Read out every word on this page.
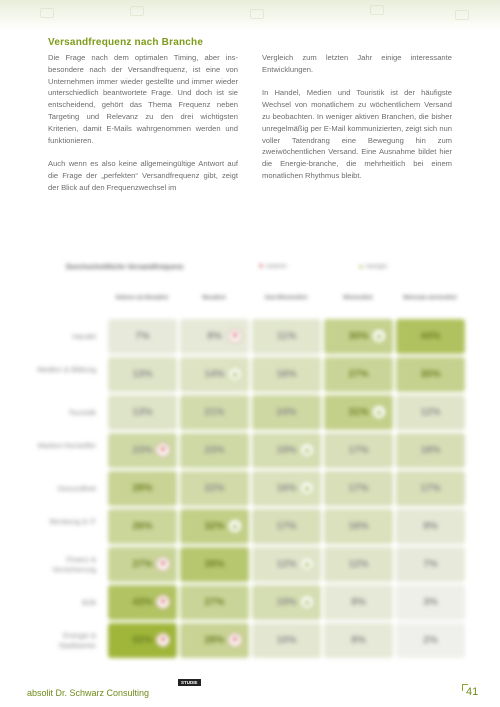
Versandfrequenz nach Branche

Die Frage nach dem optimalen Timing, aber ins-besondere nach der Versandfrequenz, ist eine von Unternehmen immer wieder gestellte und immer wieder unterschiedlich beantwortete Frage. Und doch ist sie entscheidend, gehört das Thema Frequenz neben Targeting und Relevanz zu den drei wichtigsten Kriterien, damit E-Mails wahrgenommen werden und funktionieren.

Auch wenn es also keine allgemeingültige Antwort auf die Frage der „perfekten“ Versandfrequenz gibt, zeigt der Blick auf den Frequenzwechsel im

Vergleich zum letzten Jahr einige interessante Entwicklungen.

In Handel, Medien und Touristik ist der häufigste Wechsel von monatlichem zu wöchentlichem Versand zu beobachten. In weniger aktiven Branchen, die bisher unregelmäßig per E-Mail kommunizierten, zeigt sich nun voller Tatendrang eine Bewegung hin zum zweiwöchentlichen Versand. Eine Ausnahme bildet hier die Energie-branche, die mehrheitlich bei einem monatlichen Rhythmus bleibt.

Durchschnittliche Versandfrequenz	▼ seltener	▲ häufiger
Seltener als Monatlich	Monatlich	Zwei-Wöchentlich	Wöchentlich	Mehrmals wöchentlich
Handel	7%	8%	▾	11%	30%	▴	44%
Medien & Bildung	13%	14%	▴	16%	27%	30%
Touristik	13%	21%	24%	31%	▴	12%
Marken-hersteller	23%	▾	23%	19%	▴	17%	18%
Gesundheit	28%	22%	16%	▴	17%	17%
Beratung & IT	26%	32%	▴	17%	16%	9%
Finanz & Versicherung	27%	▾	39%	12%	▴	12%	7%
B2B	43%	▾	27%	19%	▴	8%	3%
Energie & Stadtwerke	55%	▾	28%	▾	10%	8%	2%
absolit Dr. Schwarz Consulting
STUDIE
41
